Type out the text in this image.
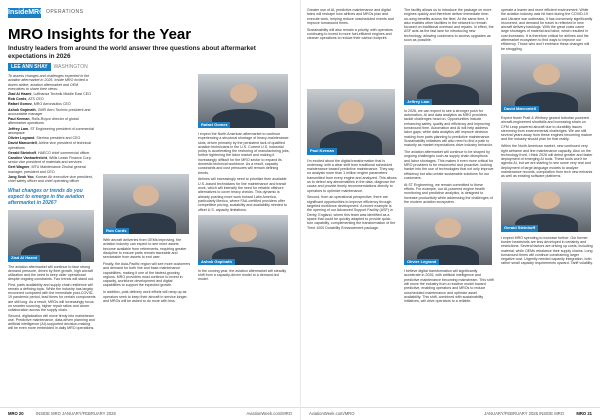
InsideMRO OPERATIONS
MRO Insights for the Year
Industry leaders from around the world answer three questions about aftermarket expectations in 2026
LEE ANN SHAY WASHINGTON

To assess changes and challenges expected in the aviation aftermarket in 2026, Inside MRO invited a dozen airline, aviation aftermarket and OEM executives to share their views:

Ziad Al Hazmi, Lufthansa Technik Middle East CEO

Rob Cords, ATS CEO

Rafael Gomez, MRO Aeronautics CEO

Ashok Gopinath, GMR Aero Technic president and accountable manager

Paul Keenan, Rolls-Royce director of global aftermarket operations

Jeffrey Lam, ST Engineering president of commercial aerospace

Olivier Legrand, Sterima president and CEO

David Marcontell, Airline vice president of technical operations

Gerald Steinhoff, HAECO chief commercial officer

Caroline Vanhaefreicht, Willis Lease Finance Corp. senior vice president of materials and services

Gert Wagner, MTU Maintenance Zhuhai general manager, president and CEO

Jong Seok Yoo, Korean Air executive vice president, chief safety officer and chief operating officer

What changes or trends do you expect to emerge in the aviation aftermarket in 2026?
Ziad Al Hazmi

The aviation aftermarket will continue to face strong demand pressure, driven by fleet growth, high aircraft utilization and the need to keep older operational despite ongoing constraints. Two trends will stand out.

First, parts availability and supply chain resilience will remain a defining topic. While the industry has largely recovered compared with the immediate post-COVID-19 pandemic period, lead times for certain components are still long. As a result, MROs will increasingly focus on smarter sourcing, higher repair ratios and closer collaboration across the supply chain.

Second, digitalization will move firmly into mainstream use. Predictive maintenance, data-driven planning and artificial intelligence (AI)-supported decision-making will be even more embedded in daily MRO operations.

Rob Cords

With aircraft deliveries from OEMs improving, the aviation industry can expect to see more assets become available from retirements, requiring greater discipline to ensure parts remain traceable and serviceable from assets to end user.

Finally, the Asia-Pacific region will see more customers and demand for both line and base maintenance capabilities, making it one of the fastest-growing regions. MRO providers must continue to invest in capacity, workforce development and digital capabilities to support the expected growth.

In addition, post-delivery work efforts will ramp up as operators seek to keep their aircraft in service longer, and MROs will be asked to do more with less.

Rafael Gomez

I expect the North American aftermarket to continue experiencing a structural shortage of heavy-maintenance slots, driven primarily by the persistent lack of qualified aviation technicians in the U.S. Current U.S. industrial policy is accelerating the reshoring of manufacturing jobs, further tightening the labor market and making it increasingly difficult for the MRO sector to expand its domestic technical workforce. As a result, capacity constraints and cost pressures will remain defining trends.

Airlines will increasingly need to prioritize their available U.S.-based technicians for line maintenance and transit work, which will intensify the need for reliable offshore alternatives to cover heavy checks. This dynamic is already pushing more work toward Latin America, particularly Mexico, where FAA-certified providers offer competitive pricing, scalability and availability needed to offset U.S. capacity limitations.

Ashok Gopinath

In the coming year, the aviation aftermarket will steadily shift from a capacity-driven model to a demand-led model.

MRO 20	INSIDE MRO JANUARY/FEBRUARY 2026	AviationWeek.com/MRO

Greater use of AI, predictive maintenance and digital twins will reshape how airlines and MROs plan and execute work, helping reduce unscheduled events and improve turnaround times.

Sustainability will also remain a priority, with operators continuing to invest in more fuel-efficient engines and cleaner operations to reduce their carbon footprint.

Paul Keenan

I'm excited about the digital transformation that is underway, with a clear shift from traditional scheduled maintenance toward predictive maintenance. They say no analysis more than 1 million engine parameters transmitted from every engine and analyzed. This allows us to detect any abnormalities in the data, diagnose the cause and provide timely recommendations directly to operators to optimize maintenance.

Second, from an operational perspective, there are significant opportunities to improve efficiency through targeted workforce development. A recent example is the opening of our Advanced Support Facility (ASF) in Derby, England, where this team was identified as a space that could be quickly adapted to provide quick-turn capability, complementing the transformation of the Trent 1000 Durability Enhancement package.

The facility allows us to introduce the package on more engines quickly and therefore deliver immediate time-on-wing benefits across the fleet. At the same time, it also enables other facilities in the network to remain focused on traditional overhaul and repairs. In effect, the ASF acts as the fast lane for introducing new technology, allowing customers to access upgrades as soon as possible.

Jeffrey Lam

In 2026, we can expect to see a stronger push for automation, AI and data analytics as MRO providers tackle challenges head on. Opportunities include enhancing safety, quality and efficiency and improving turnaround time. Automation and AI will help address labor gaps, while data analytics will improve decision making from parts planning to predictive maintenance. Sustainability initiatives will also need to find a path to maturity as market expectations drive industry behavior.

The aviation aftermarket will continue to be shaped by ongoing challenges such as supply chain disruptions and labor shortages. This makes it even more critical for MRO providers to be resourceful and proactive, looking harder into the use of technologies that not only improve efficiency but also create sustainable solutions for our customers.

At ST Engineering, we remain committed to these efforts. For example, our AI-powered engine health monitoring and predictive analytics, is designed to increase productivity while addressing the challenges of the modern aviation ecosystem.

Olivier Legrand

I believe digital transformation will significantly accelerate in 2026, with artificial intelligence and predictive maintenance becoming mainstream. This shift will move the industry from a reactive model toward predictive, enabling operators and MROs to reduce unscheduled maintenance and optimize asset availability. This shift, combined with sustainability initiatives, will drive operators to a reliable.

operate a leaner and more efficient environment. While the aviation industry was hit hard during the COVID-19 and Ukraine war outbreaks, it has conversely significantly recovered, and demand for travel is reflected in new aircraft delivery backlogs. With the great costs came large shortages of material and labor, which resulted in cost increases. It is therefore critical for airlines and the aftermarket ecosystem to find ways to improve our efficiency. Those who don't embrace these changes will be struggling.

David Marcontell

Expect fewer Pratt & Whitney geared turbofan powered aircraft-engineered shortfalls and increasing strain on CFM Leap powered aircraft due to durability issues stemming from environmental challenges. We are still several years away from these engines becoming mature and the industry should plan for that reality.

Within the North American market, new continued very tight airframe and line maintenance capacity. Also on the technology front, I think 2026 will debut greater and faster deployment of emerging AI tools. These tools won't be agentic AI, but we are starting to see some very real and deployment of large language models to analyze maintenance records, compilation from tech new entrants as well as existing software platforms.

Gerald Steinhoff

I expect MRO spending to increase further. Our former border headwinds are less developed in certainty and restrictions. Several factors are driving up costs, including material, while OEMs rebalance their supply chains. Long turnaround times will continue constraining larger negative cost. Urgently needed capacity integration, both rather small capacity requirements upward. Tariff volatility.

AviationWeek.com/MRO	JANUARY/FEBRUARY 2026 INSIDE MRO	MRO 21
